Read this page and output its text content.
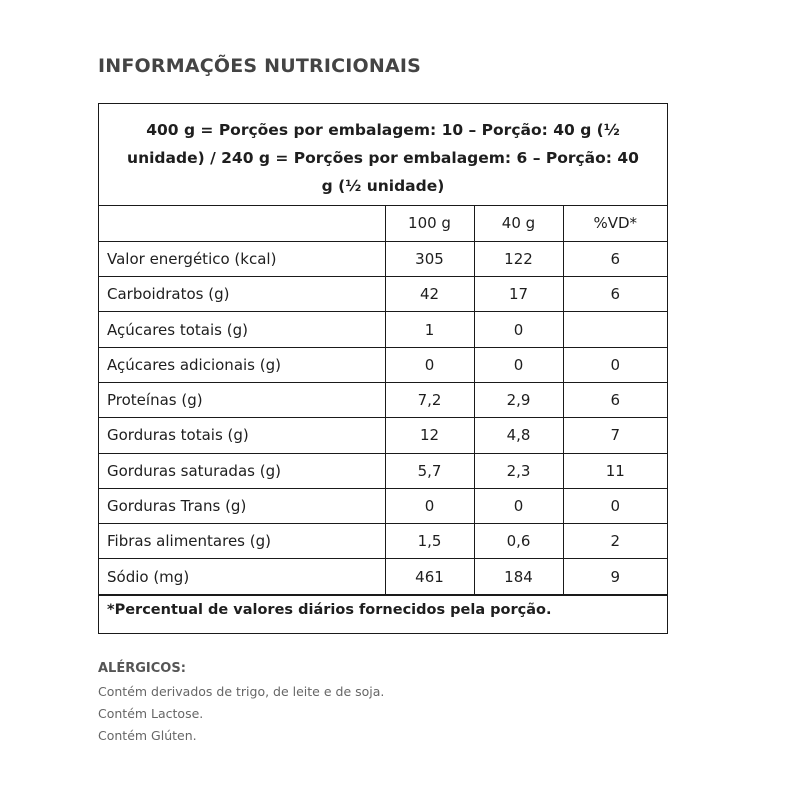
INFORMAÇÕES NUTRICIONAIS
400 g = Porções por embalagem: 10 – Porção: 40 g (½
unidade) / 240 g = Porções por embalagem: 6 – Porção: 40
g (½ unidade)
	100 g	40 g	%VD*
Valor energético (kcal)	305	122	6
Carboidratos (g)	42	17	6
Açúcares totais (g)	1	0	
Açúcares adicionais (g)	0	0	0
Proteínas (g)	7,2	2,9	6
Gorduras totais (g)	12	4,8	7
Gorduras saturadas (g)	5,7	2,3	11
Gorduras Trans (g)	0	0	0
Fibras alimentares (g)	1,5	0,6	2
Sódio (mg)	461	184	9
*Percentual de valores diários fornecidos pela porção.
ALÉRGICOS:
Contém derivados de trigo, de leite e de soja.
Contém Lactose.
Contém Glúten.
